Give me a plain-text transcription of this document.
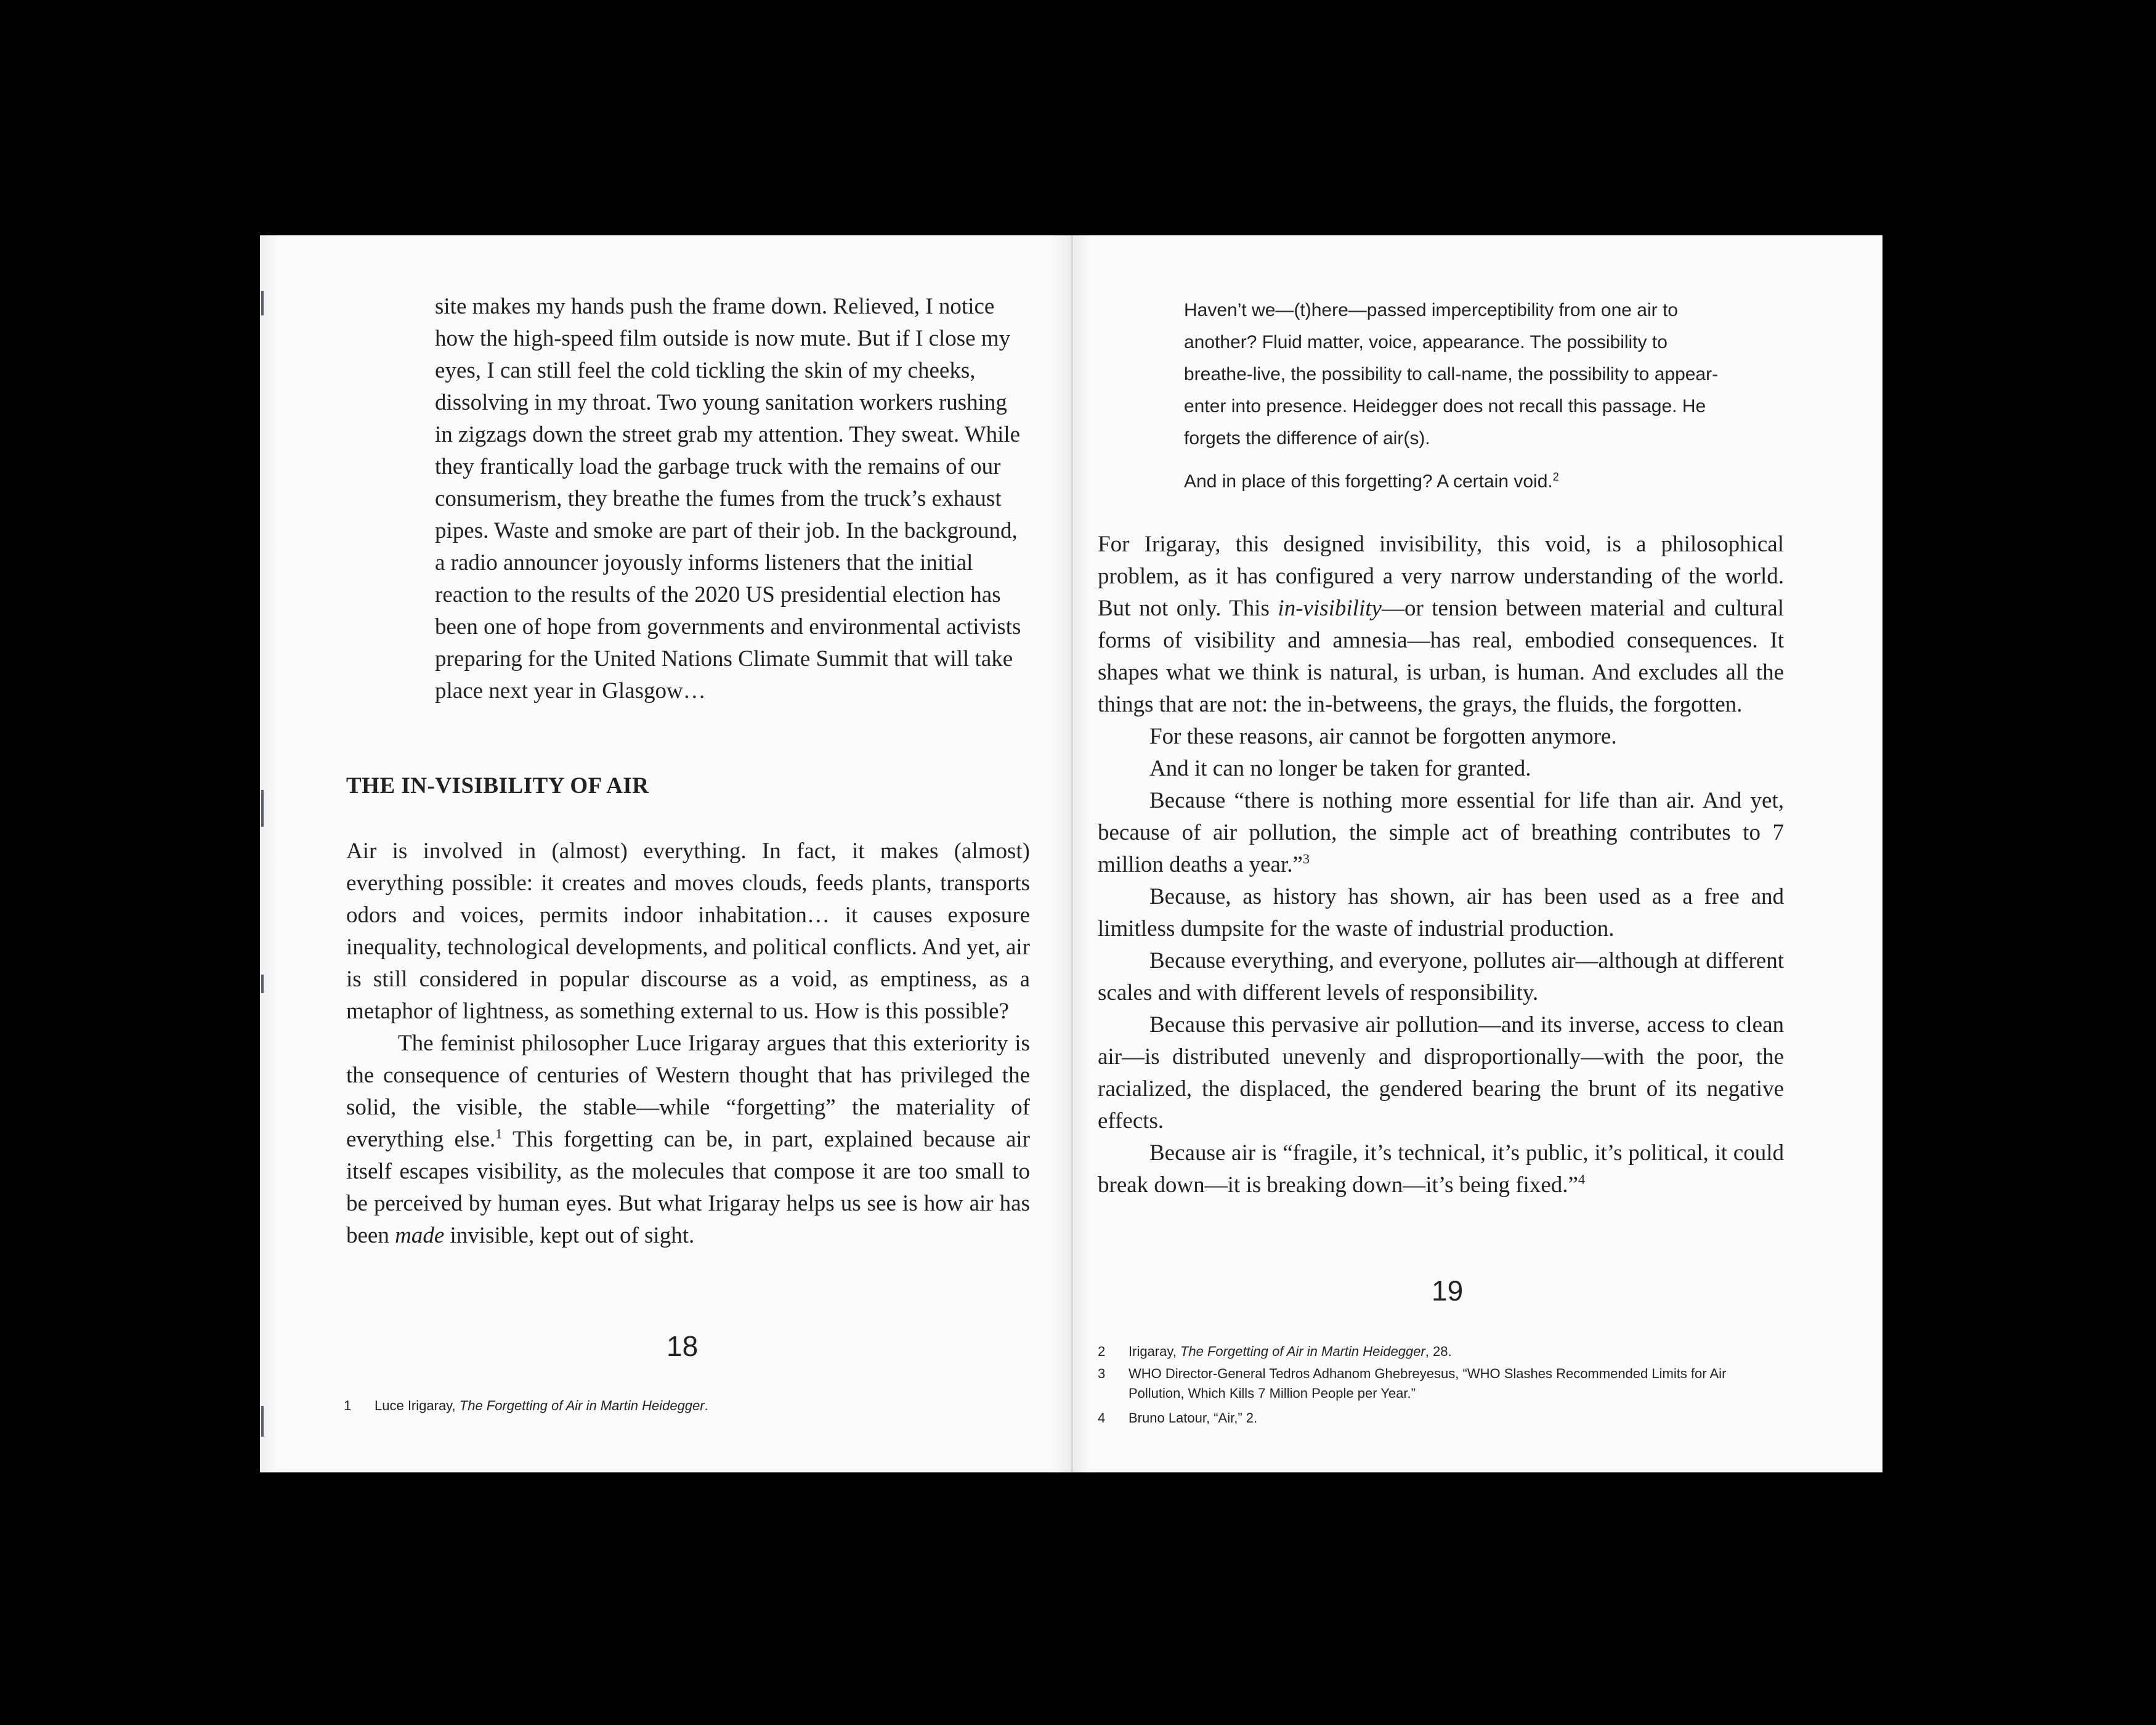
site makes my hands push the frame down. Relieved, I notice how the high-speed film outside is now mute. But if I close my eyes, I can still feel the cold tickling the skin of my cheeks, dissolving in my throat. Two young sanitation workers rushing in zigzags down the street grab my attention. They sweat. While they frantically load the garbage truck with the remains of our consumerism, they breathe the fumes from the truck’s exhaust pipes. Waste and smoke are part of their job. In the background, a radio announcer joyously informs listeners that the initial reaction to the results of the 2020 US presidential election has been one of hope from governments and environmental activists preparing for the United Nations Climate Summit that will take place next year in Glasgow…

THE IN-VISIBILITY OF AIR

Air is involved in (almost) everything. In fact, it makes (almost) everything possible: it creates and moves clouds, feeds plants, transports odors and voices, permits indoor inhabitation… it causes exposure inequality, technological developments, and political conflicts. And yet, air is still considered in popular discourse as a void, as emptiness, as a metaphor of lightness, as something external to us. How is this possible?

The feminist philosopher Luce Irigaray argues that this exteriority is the consequence of centuries of Western thought that has privileged the solid, the visible, the stable—while “forgetting” the materiality of everything else.$^1$ This forgetting can be, in part, explained because air itself escapes visibility, as the molecules that compose it are too small to be perceived by human eyes. But what Irigaray helps us see is how air has been made invisible, kept out of sight.

18
1 Luce Irigaray, The Forgetting of Air in Martin Heidegger.

Haven’t we—(t)here—passed imperceptibility from one air to another? Fluid matter, voice, appearance. The possibility to breathe-live, the possibility to call-name, the possibility to appear-enter into presence. Heidegger does not recall this passage. He forgets the difference of air(s).

And in place of this forgetting? A certain void.$^2$

For Irigaray, this designed invisibility, this void, is a philosophical problem, as it has configured a very narrow understanding of the world. But not only. This in-visibility—or tension between material and cultural forms of visibility and amnesia—has real, embodied consequences. It shapes what we think is natural, is urban, is human. And excludes all the things that are not: the in-betweens, the grays, the fluids, the forgotten.

For these reasons, air cannot be forgotten anymore.

And it can no longer be taken for granted.

Because “there is nothing more essential for life than air. And yet, because of air pollution, the simple act of breathing contributes to 7 million deaths a year.”$^3$

Because, as history has shown, air has been used as a free and limitless dumpsite for the waste of industrial production.

Because everything, and everyone, pollutes air—although at different scales and with different levels of responsibility.

Because this pervasive air pollution—and its inverse, access to clean air—is distributed unevenly and disproportionally—with the poor, the racialized, the displaced, the gendered bearing the brunt of its negative effects.

Because air is “fragile, it’s technical, it’s public, it’s political, it could break down—it is breaking down—it’s being fixed.”$^4$

19
2 Irigaray, The Forgetting of Air in Martin Heidegger, 28.
3 WHO Director-General Tedros Adhanom Ghebreyesus, “WHO Slashes Recommended Limits for Air Pollution, Which Kills 7 Million People per Year.”
4 Bruno Latour, “Air,” 2.
